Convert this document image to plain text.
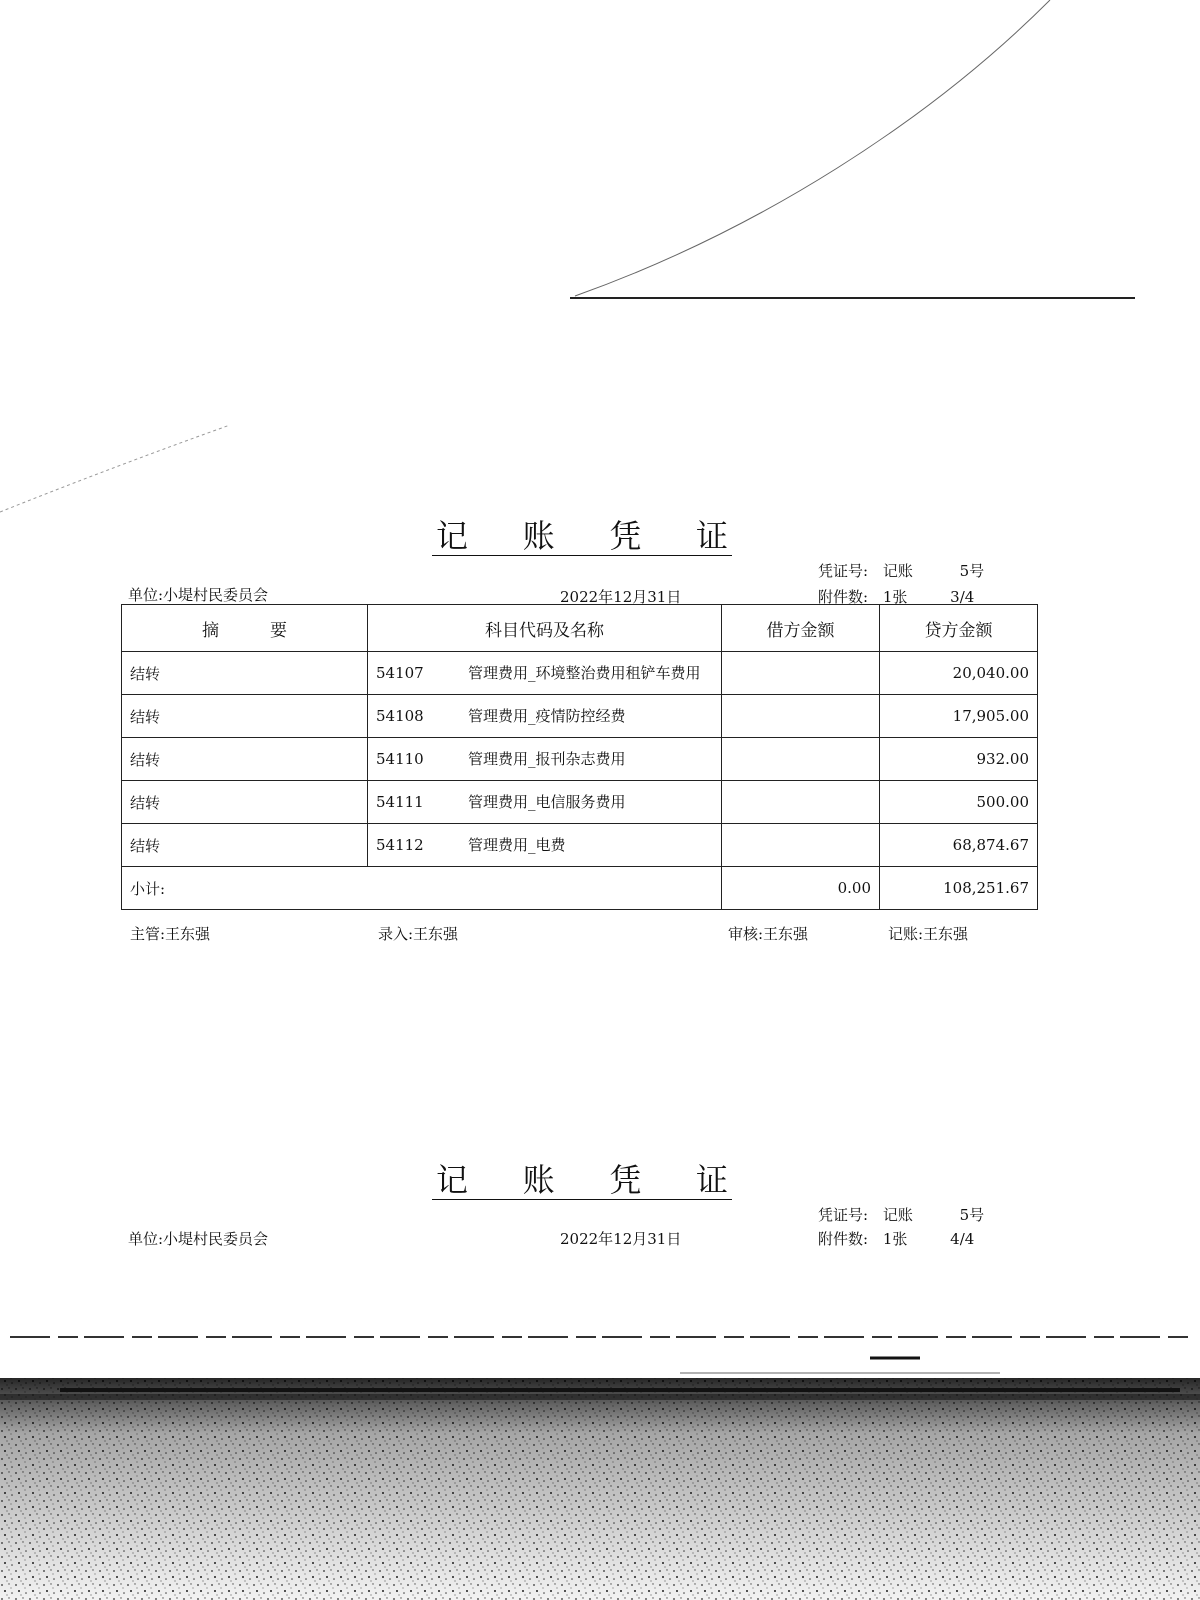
记 账 凭 证
凭证号: 记账	5号
单位:小堤村民委员会	2022年12月31日	附件数: 1张	3/4
摘　　　要	科目代码及名称	借方金额	贷方金额
结转	54107 管理费用_环境整治费用租铲车费用		20,040.00
结转	54108 管理费用_疫情防控经费		17,905.00
结转	54110 管理费用_报刊杂志费用		932.00
结转	54111 管理费用_电信服务费用		500.00
结转	54112 管理费用_电费		68,874.67
小计:		0.00	108,251.67
主管:王东强	录入:王东强	审核:王东强	记账:王东强
记 账 凭 证
凭证号: 记账	5号
单位:小堤村民委员会	2022年12月31日	附件数: 1张	4/4
